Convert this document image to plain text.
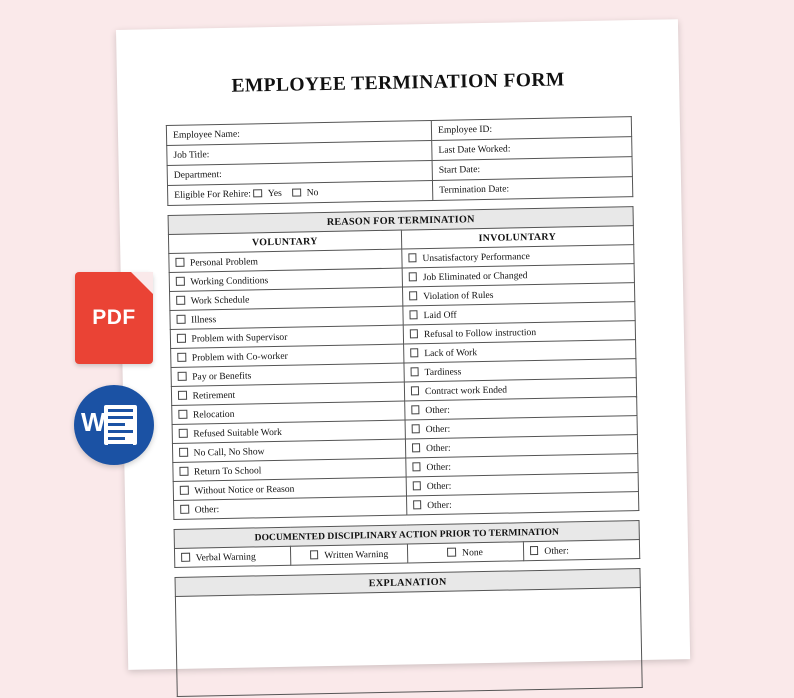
EMPLOYEE TERMINATION FORM
Employee Name:	Employee ID:
Job Title:	Last Date Worked:
Department:	Start Date:
Eligible For Rehire: Yes No	Termination Date:
REASON FOR TERMINATION	
VOLUNTARY	INVOLUNTARY
Personal Problem	Unsatisfactory Performance
Working Conditions	Job Eliminated or Changed
Work Schedule	Violation of Rules
Illness	Laid Off
Problem with Supervisor	Refusal to Follow instruction
Problem with Co-worker	Lack of Work
Pay or Benefits	Tardiness
Retirement	Contract work Ended
Relocation	Other:
Refused Suitable Work	Other:
No Call, No Show	Other:
Return To School	Other:
Without Notice or Reason	Other:
Other:	Other:
DOCUMENTED DISCIPLINARY ACTION PRIOR TO TERMINATION
Verbal Warning	Written Warning	None	Other:
EXPLANATION

PDF
W
